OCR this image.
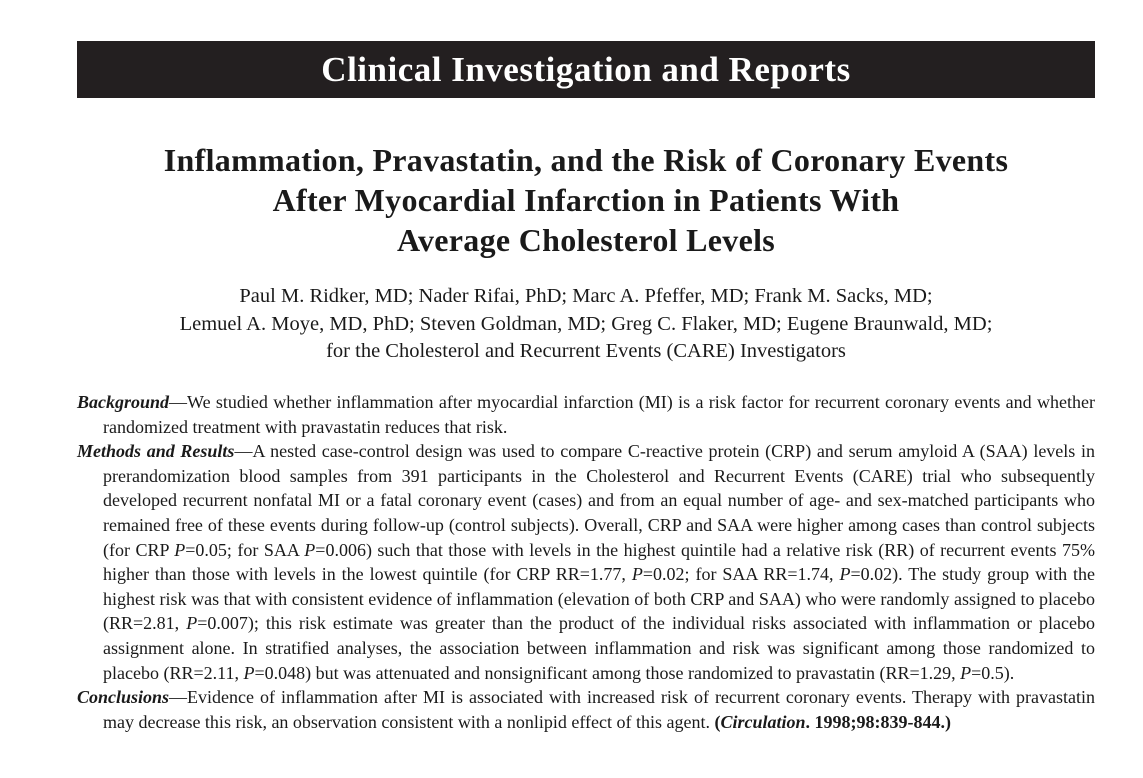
Clinical Investigation and Reports
Inflammation, Pravastatin, and the Risk of Coronary Events
After Myocardial Infarction in Patients With
Average Cholesterol Levels
Paul M. Ridker, MD; Nader Rifai, PhD; Marc A. Pfeffer, MD; Frank M. Sacks, MD;
Lemuel A. Moye, MD, PhD; Steven Goldman, MD; Greg C. Flaker, MD; Eugene Braunwald, MD;
for the Cholesterol and Recurrent Events (CARE) Investigators

Background—We studied whether inflammation after myocardial infarction (MI) is a risk factor for recurrent coronary events and whether randomized treatment with pravastatin reduces that risk.

Methods and Results—A nested case-control design was used to compare C-reactive protein (CRP) and serum amyloid A (SAA) levels in prerandomization blood samples from 391 participants in the Cholesterol and Recurrent Events (CARE) trial who subsequently developed recurrent nonfatal MI or a fatal coronary event (cases) and from an equal number of age- and sex-matched participants who remained free of these events during follow-up (control subjects). Overall, CRP and SAA were higher among cases than control subjects (for CRP P=0.05; for SAA P=0.006) such that those with levels in the highest quintile had a relative risk (RR) of recurrent events 75% higher than those with levels in the lowest quintile (for CRP RR=1.77, P=0.02; for SAA RR=1.74, P=0.02). The study group with the highest risk was that with consistent evidence of inflammation (elevation of both CRP and SAA) who were randomly assigned to placebo (RR=2.81, P=0.007); this risk estimate was greater than the product of the individual risks associated with inflammation or placebo assignment alone. In stratified analyses, the association between inflammation and risk was significant among those randomized to placebo (RR=2.11, P=0.048) but was attenuated and nonsignificant among those randomized to pravastatin (RR=1.29, P=0.5).

Conclusions—Evidence of inflammation after MI is associated with increased risk of recurrent coronary events. Therapy with pravastatin may decrease this risk, an observation consistent with a nonlipid effect of this agent. (Circulation. 1998;98:839-844.)
